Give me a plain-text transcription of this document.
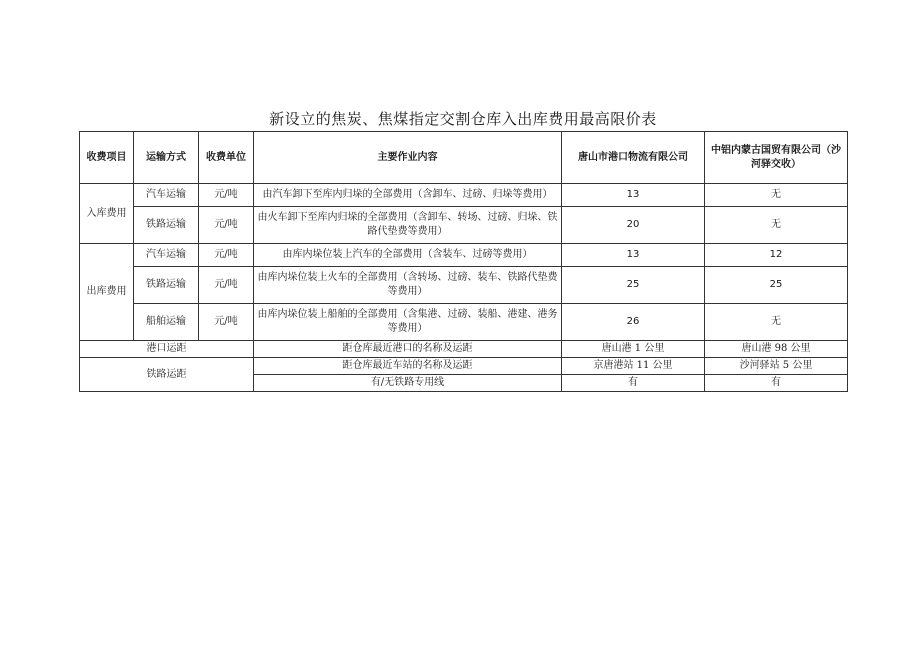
新设立的焦炭、焦煤指定交割仓库入出库费用最高限价表
收费项目	运输方式	收费单位	主要作业内容	唐山市港口物流有限公司	中铝内蒙古国贸有限公司（沙河驿交收）
入库费用	汽车运输	元/吨	由汽车卸下至库内归垛的全部费用（含卸车、过磅、归垛等费用）	13	无
	铁路运输	元/吨	由火车卸下至库内归垛的全部费用（含卸车、转场、过磅、归垛、铁路代垫费等费用）	20	无
出库费用	汽车运输	元/吨	由库内垛位装上汽车的全部费用（含装车、过磅等费用）	13	12
	铁路运输	元/吨	由库内垛位装上火车的全部费用（含转场、过磅、装车、铁路代垫费等费用）	25	25
	船舶运输	元/吨	由库内垛位装上船舶的全部费用（含集港、过磅、装船、港建、港务等费用）	26	无
港口运距			距仓库最近港口的名称及运距	唐山港 1 公里	唐山港 98 公里
铁路运距			距仓库最近车站的名称及运距	京唐港站 11 公里	沙河驿站 5 公里
			有/无铁路专用线	有	有
